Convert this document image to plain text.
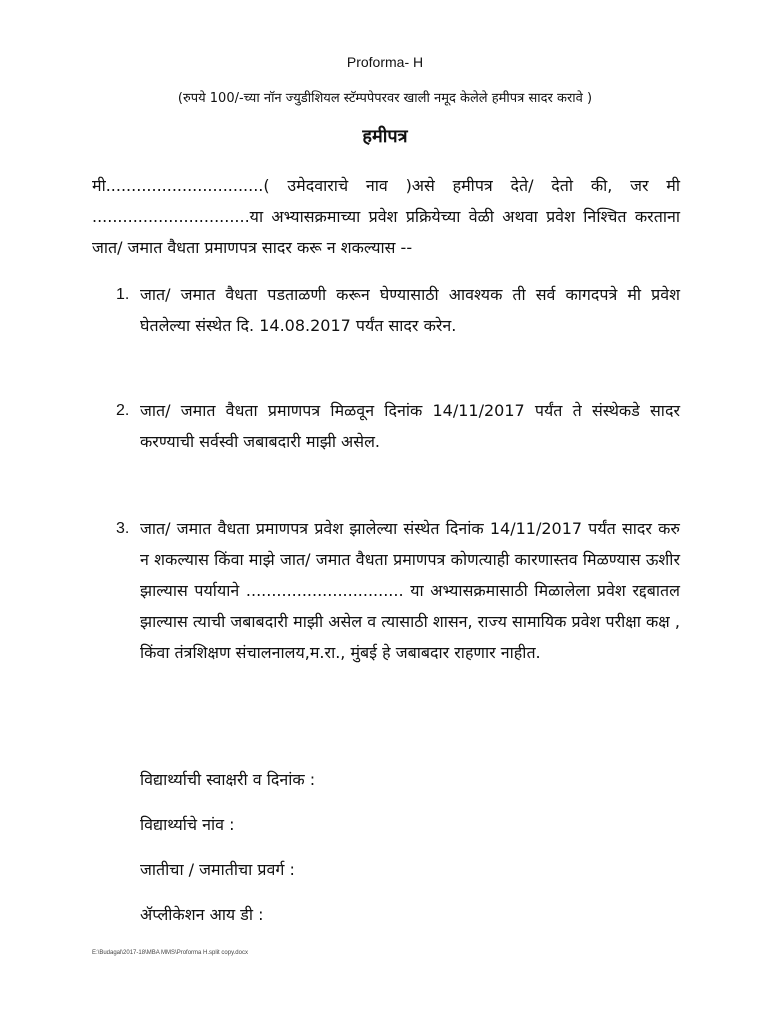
Proforma- H
(रुपये 100/-च्या नॉन ज्युडीशियल स्टॅम्पपेपरवर खाली नमूद केलेले हमीपत्र सादर करावे )
हमीपत्र

मी...............................( उमेदवाराचे नाव )असे हमीपत्र देते/ देतो की, जर मी ...............................या अभ्यासक्रमाच्या प्रवेश प्रक्रियेच्या वेळी अथवा प्रवेश निश्चित करताना जात/ जमात वैधता प्रमाणपत्र सादर करू न शकल्यास --

1. जात/ जमात वैधता पडताळणी करून घेण्यासाठी आवश्यक ती सर्व कागदपत्रे मी प्रवेश घेतलेल्या संस्थेत दि. 14.08.2017 पर्यंत सादर करेन.
2. जात/ जमात वैधता प्रमाणपत्र मिळवून दिनांक 14/11/2017 पर्यंत ते संस्थेकडे सादर करण्याची सर्वस्वी जबाबदारी माझी असेल.
3. जात/ जमात वैधता प्रमाणपत्र प्रवेश झालेल्या संस्थेत दिनांक 14/11/2017 पर्यंत सादर करु न शकल्यास किंवा माझे जात/ जमात वैधता प्रमाणपत्र कोणत्याही कारणास्तव मिळण्यास ऊशीर झाल्यास पर्यायाने ............................... या अभ्यासक्रमासाठी मिळालेला प्रवेश रद्दबातल झाल्यास त्याची जबाबदारी माझी असेल व त्यासाठी शासन, राज्य सामायिक प्रवेश परीक्षा कक्ष , किंवा तंत्रशिक्षण संचालनालय,म.रा., मुंबई हे जबाबदार राहणार नाहीत.
विद्यार्थ्याची स्वाक्षरी व दिनांक :
विद्यार्थ्याचे नांव :
जातीचा / जमातीचा प्रवर्ग :
ॲप्लीकेशन आय डी :
E:\Budagal\2017-18\MBA MMS\Proforma H.split copy.docx
